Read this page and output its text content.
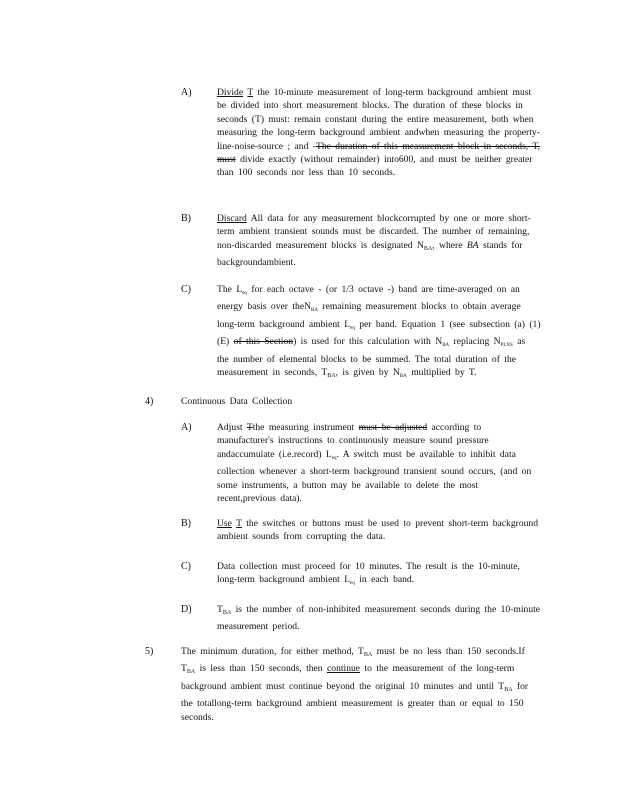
A)	Divide T the 10-minute measurement of long-term background ambient must be divided into short measurement blocks. The duration of these blocks in seconds (T) must: remain constant during the entire measurement, both when measuring the long-term background ambient andwhen measuring the property-line-noise-source ; and -The duration of this measurement block in seconds, T, must divide exactly (without remainder) into600, and must be neither greater than 100 seconds nor less than 10 seconds.
B)	Discard All data for any measurement blockcorrupted by one or more short-term ambient transient sounds must be discarded. The number of remaining, non-discarded measurement blocks is designated $N_{BA}$, where BA stands for backgroundambient.
C)	The $L_{eq}$ for each octave - (or 1/3 octave -) band are time-averaged on an energy basis over theN$_{BA}$ remaining measurement blocks to obtain average long-term background ambient $L_{eq}$ per band. Equation 1 (see subsection (a) (1) (E) of this Section) is used for this calculation with $N_{BA}$ replacing $N_{PLNS}$ as the number of elemental blocks to be summed. The total duration of the measurement in seconds, $T_{BA}$, is given by $N_{BA}$ multiplied by T.
4)	Continuous Data Collection
A)	Adjust Tthe measuring instrument must be adjusted according to manufacturer's instructions to continuously measure sound pressure andaccumulate (i.e.record) $L_{eq}$. A switch must be available to inhibit data collection whenever a short-term background transient sound occurs, (and on some instruments, a button may be available to delete the most recent,previous data).
B)	Use T the switches or buttons must be used to prevent short-term background ambient sounds from corrupting the data.
C)	Data collection must proceed for 10 minutes. The result is the 10-minute, long-term background ambient $L_{eq}$ in each band.
D)	$T_{BA}$ is the number of non-inhibited measurement seconds during the 10-minute measurement period.
5)	The minimum duration, for either method, $T_{BA}$ must be no less than 150 seconds.If $T_{BA}$ is less than 150 seconds, then continue to the measurement of the long-term background ambient must continue beyond the original 10 minutes and until $T_{BA}$ for the totallong-term background ambient measurement is greater than or equal to 150 seconds.
